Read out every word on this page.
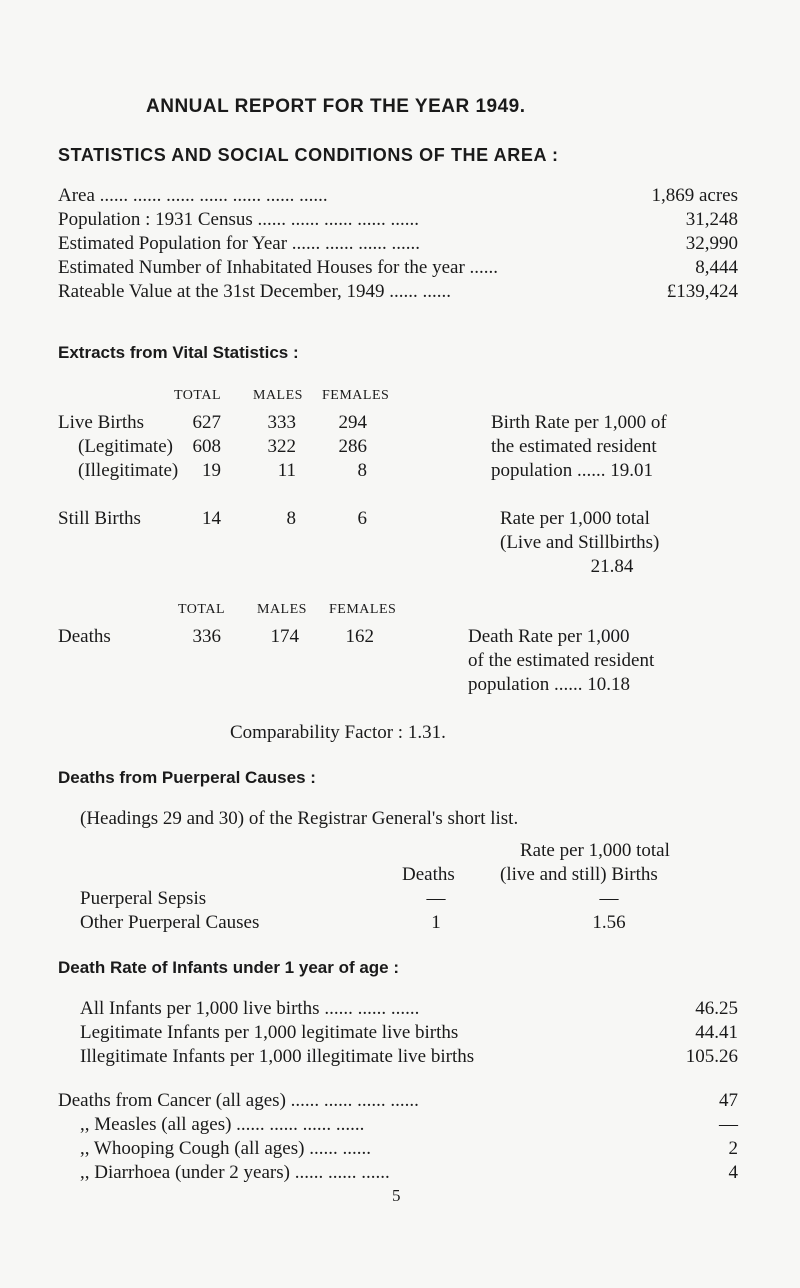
ANNUAL REPORT FOR THE YEAR 1949.
STATISTICS AND SOCIAL CONDITIONS OF THE AREA :
Area ...... ...... ...... ...... ...... ...... ......	1,869 acres
Population : 1931 Census ...... ...... ...... ...... ......	31,248
Estimated Population for Year ...... ...... ...... ......	32,990
Estimated Number of Inhabitated Houses for the year ......	8,444
Rateable Value at the 31st December, 1949 ...... ......	£139,424
Extracts from Vital Statistics :
TOTAL MALES FEMALES
Live Births	627 333 294
(Legitimate) 608 322 286
(Illegitimate) 19	11	8
Birth Rate per 1,000 of
the estimated resident
population ...... 19.01
Still Births	14	8	6	Rate per 1,000 total
(Live and Stillbirths)
21.84
TOTAL MALES FEMALES
Deaths	336	174 162	Death Rate per 1,000
of the estimated resident
population ...... 10.18
Comparability Factor : 1.31.
Deaths from Puerperal Causes :
(Headings 29 and 30) of the Registrar General's short list.
Rate per 1,000 total
Deaths (live and still) Births
Puerperal Sepsis	—	—
Other Puerperal Causes	1	1.56
Death Rate of Infants under 1 year of age :
All Infants per 1,000 live births ...... ...... ......	46.25
Legitimate Infants per 1,000 legitimate live births	44.41
Illegitimate Infants per 1,000 illegitimate live births	105.26
Deaths from Cancer (all ages) ...... ...... ...... ......	47
,, Measles (all ages) ...... ...... ...... ......	—
,, Whooping Cough (all ages) ...... ......	2
,, Diarrhoea (under 2 years) ...... ...... ......	4
5
